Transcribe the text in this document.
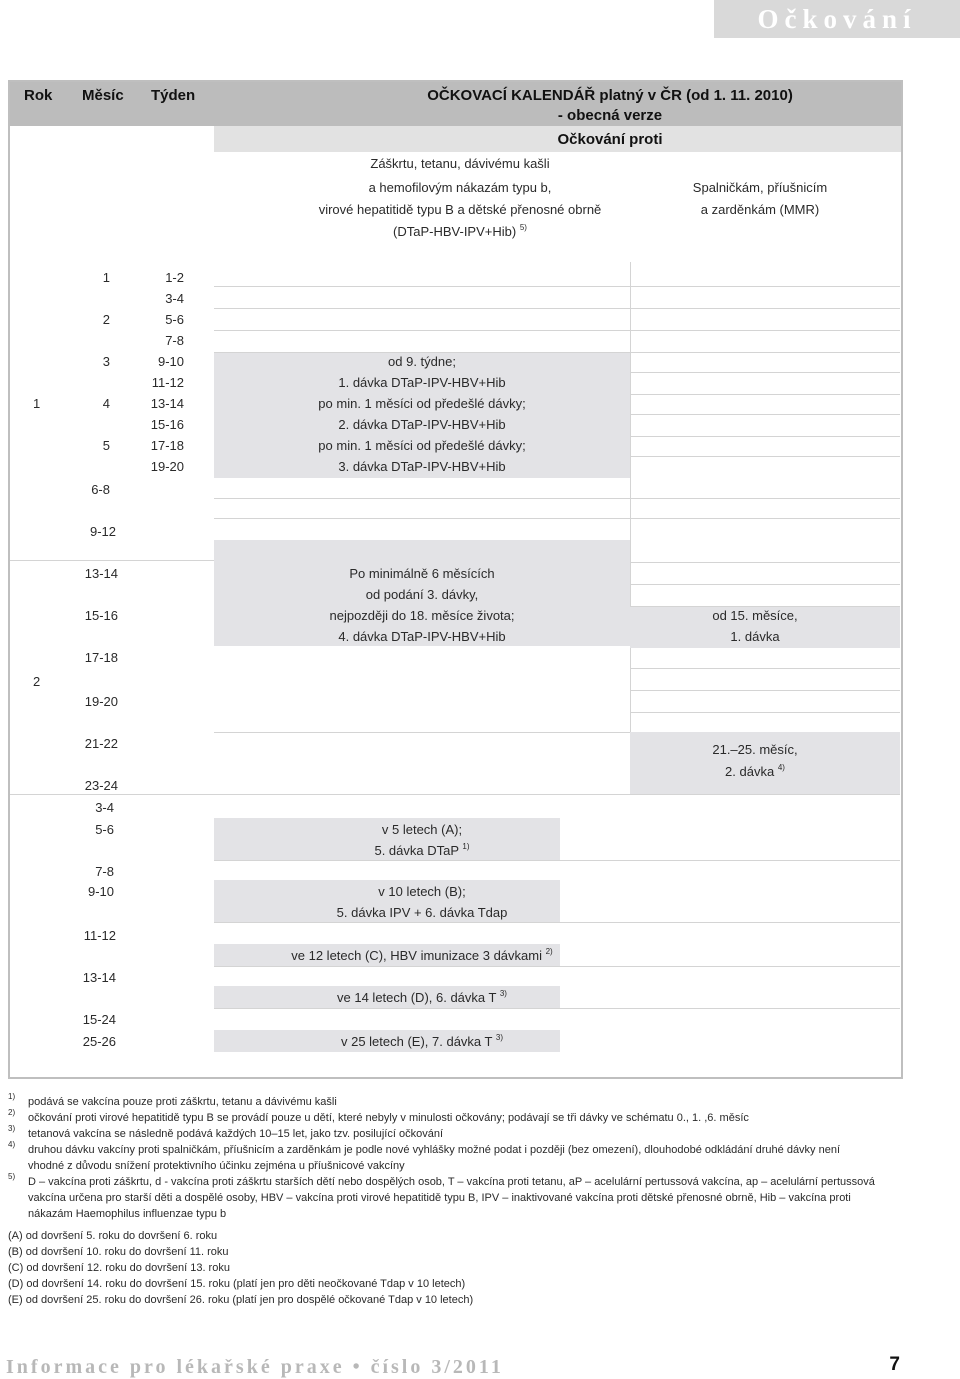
Očkování
Rok Měsíc Týden	OČKOVACÍ KALENDÁŘ platný v ČR (od 1. 11. 2010)
- obecná verze
Očkování proti
Záškrtu, tetanu, dávivému kašli
a hemofilovým nákazám typu b,
virové hepatitidě typu B a dětské přenosné obrně
(DTaP-HBV-IPV+Hib) $^{5)}$
Spalničkám, příušnicím
a zarděnkám (MMR)
1
2
1
2
3
4
5
6-8
1-2
3-4
5-6
7-8
9-10
11-12
13-14
15-16
17-18
19-20
9-12
13-14
15-16
17-18
19-20
21-22
23-24
3-4
5-6
7-8
9-10
11-12
13-14
15-24
25-26
od 9. týdne;
1. dávka DTaP-IPV-HBV+Hib
po min. 1 měsíci od předešlé dávky;
2. dávka DTaP-IPV-HBV+Hib
po min. 1 měsíci od předešlé dávky;
3. dávka DTaP-IPV-HBV+Hib
Po minimálně 6 měsících
od podání 3. dávky,
nejpozději do 18. měsíce života;
4. dávka DTaP-IPV-HBV+Hib
od 15. měsíce,
1. dávka
21.–25. měsíc,
2. dávka $^{4)}$
v 5 letech (A);
5. dávka DTaP $^{1)}$
v 10 letech (B);
5. dávka IPV + 6. dávka Tdap
ve 12 letech (C), HBV imunizace 3 dávkami $^{2)}$
ve 14 letech (D), 6. dávka T $^{3)}$
v 25 letech (E), 7. dávka T $^{3)}$
1) podává se vakcína pouze proti záškrtu, tetanu a dávivému kašli
2) očkování proti virové hepatitidě typu B se provádí pouze u dětí, které nebyly v minulosti očkovány; podávají se tři dávky ve schématu 0., 1. ,6. měsíc
3) tetanová vakcína se následně podává každých 10–15 let, jako tzv. posilující očkování
4) druhou dávku vakcíny proti spalničkám, příušnicím a zarděnkám je podle nové vyhlášky možné podat i později (bez omezení), dlouhodobé odkládání druhé dávky není
vhodné z důvodu snížení protektivního účinku zejména u příušnicové vakcíny
5) D – vakcína proti záškrtu, d - vakcína proti záškrtu starších dětí nebo dospělých osob, T – vakcína proti tetanu, aP – acelulární pertussová vakcína, ap – acelulární pertussová
vakcína určena pro starší děti a dospělé osoby, HBV – vakcína proti virové hepatitidě typu B, IPV – inaktivované vakcína proti dětské přenosné obrně, Hib – vakcína proti
nákazám Haemophilus influenzae typu b
(A) od dovršení 5. roku do dovršení 6. roku
(B) od dovršení 10. roku do dovršení 11. roku
(C) od dovršení 12. roku do dovršení 13. roku
(D) od dovršení 14. roku do dovršení 15. roku (platí jen pro děti neočkované Tdap v 10 letech)
(E) od dovršení 25. roku do dovršení 26. roku (platí jen pro dospělé očkované Tdap v 10 letech)
Informace pro lékařské praxe • číslo 3/2011	7
